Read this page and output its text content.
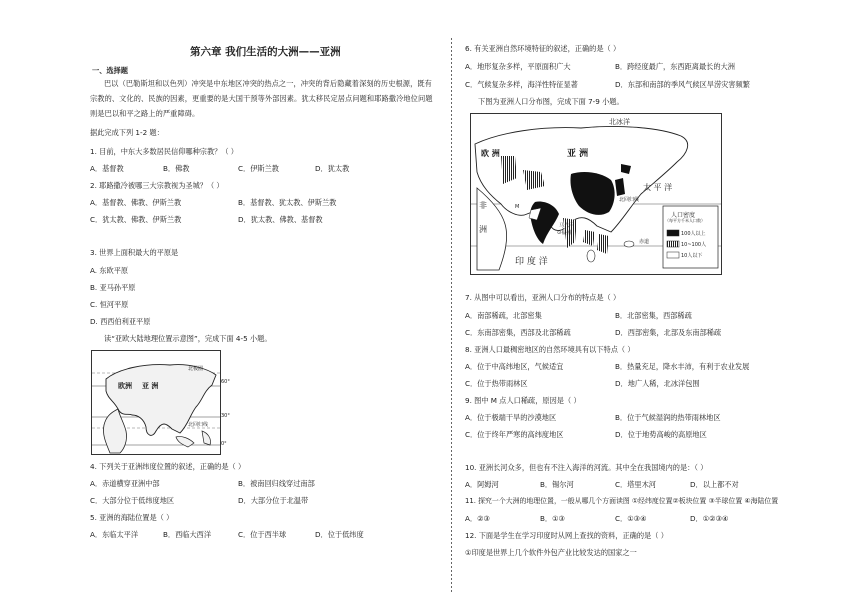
第六章 我们生活的大洲——亚洲
一、选择题
巴以（巴勒斯坦和以色列）冲突是中东地区冲突的热点之一，冲突的背后隐藏着深刻的历史根源，既有宗教的、文化的、民族的因素，更重要的是大国干预等外部因素。犹太移民定居点问题和耶路撒冷地位问题则是巴以和平之路上的严重障碍。
据此完成下列 1-2 题：
1. 目前，中东大多数居民信仰哪种宗教？（ ）
A．基督教	B．佛教	C．伊斯兰教	D．犹太教
2. 耶路撒冷被哪三大宗教视为圣城？（ ）
A．基督教、佛教、伊斯兰教	B．基督教、犹太教、伊斯兰教
C．犹太教、佛教、伊斯兰教	D．犹太教、佛教、基督教
3. 世界上面积最大的平原是
A. 东欧平原
B. 亚马孙平原
C. 恒河平原
D. 西西伯利亚平原
读“亚欧大陆地理位置示意图”，完成下面 4-5 小题。
北极圈
欧洲 亚 洲
北回归线
60°
30°
0°
4. 下列关于亚洲纬度位置的叙述，正确的是（ ）
A．赤道横穿亚洲中部	B．被南回归线穿过南部
C．大部分位于低纬度地区	D．大部分位于北温带
5. 亚洲的海陆位置是（ ）
A．东临太平洋	B．西临大西洋	C．位于西半球	D．位于低纬度
6. 有关亚洲自然环境特征的叙述，正确的是（ ）
A．地形复杂多样，平原面积广大	B．跨经度最广，东西距离最长的大洲
C．气候复杂多样，海洋性特征显著	D．东部和南部的季风气候区旱涝灾害频繁
下图为亚洲人口分布图，完成下面 7-9 小题。
北冰洋
欧 洲	亚 洲
非
洲
太 平 洋
北回归线
印 度 洋
赤道
M
马六甲
⊙福州
人口密度
（每平方千米人口数）
100人以上
10~100人
10人以下
7. 从图中可以看出，亚洲人口分布的特点是（ ）
A．南部稀疏，北部密集	B．北部密集，西部稀疏
C．东南部密集，西部及北部稀疏	D．西部密集，北部及东南部稀疏
8. 亚洲人口最稠密地区的自然环境具有以下特点（ ）
A．位于中高纬地区，气候适宜	B．热量充足，降水丰沛，有利于农业发展
C．位于热带雨林区	D．地广人稀，北冰洋包围
9. 图中 M 点人口稀疏，原因是（ ）
A．位于极端干旱的沙漠地区	B．位于气候湿润的热带雨林地区
C．位于终年严寒的高纬度地区	D．位于地势高峻的高原地区
10. 亚洲长河众多，但也有不注入海洋的河流。其中全在我国境内的是：（ ）
A．阿姆河	B．锡尔河	C．塔里木河	D．以上都不对
11. 探究一个大洲的地理位置，一般从哪几个方面读图 ①经纬度位置②板块位置 ③半球位置 ④海陆位置
A．②③	B．①③	C．①③④	D．①②③④
12. 下面是学生在学习印度时从网上查找的资料，正确的是（ ）
①印度是世界上几个软件外包产业比较发达的国家之一
